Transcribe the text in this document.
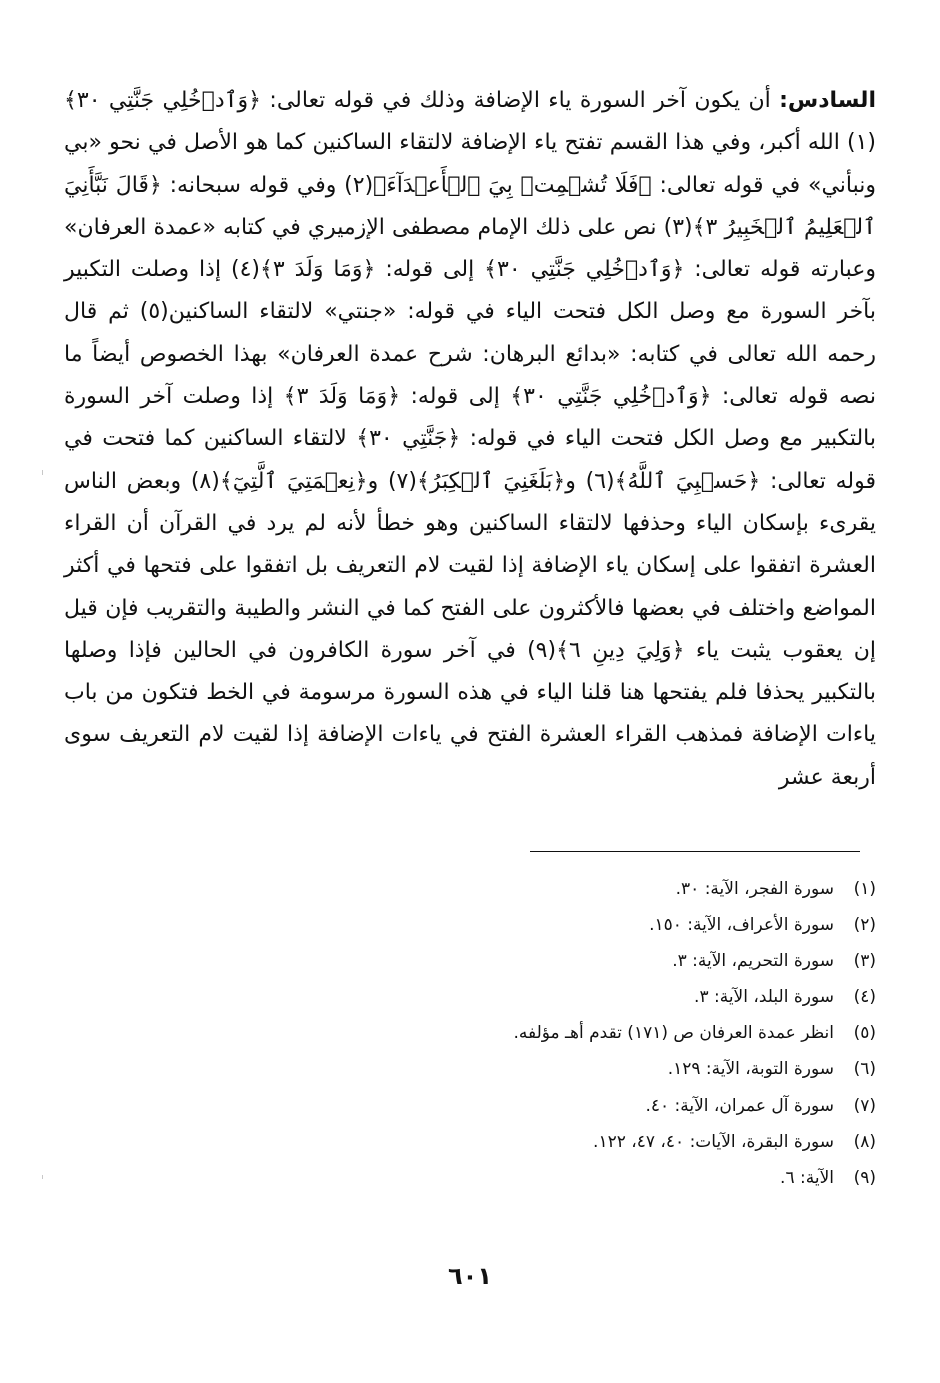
السادس: أن يكون آخر السورة ياء الإضافة وذلك في قوله تعالى: ﴿وَٱدۡخُلِي جَنَّتِي ٣٠﴾(١) الله أكبر، وفي هذا القسم تفتح ياء الإضافة لالتقاء الساكنين كما هو الأصل في نحو «بي ونبأني» في قوله تعالى: ﴿فَلَا تُشۡمِتۡ بِيَ ٱلۡأَعۡدَآءَ﴾(٢) وفي قوله سبحانه: ﴿قَالَ نَبَّأَنِيَ ٱلۡعَلِيمُ ٱلۡخَبِيرُ ٣﴾(٣) نص على ذلك الإمام مصطفى الإزميري في كتابه «عمدة العرفان» وعبارته قوله تعالى: ﴿وَٱدۡخُلِي جَنَّتِي ٣٠﴾ إلى قوله: ﴿وَمَا وَلَدَ ٣﴾(٤) إذا وصلت التكبير بآخر السورة مع وصل الكل فتحت الياء في قوله: «جنتي» لالتقاء الساكنين(٥) ثم قال رحمه الله تعالى في كتابه: «بدائع البرهان: شرح عمدة العرفان» بهذا الخصوص أيضاً ما نصه قوله تعالى: ﴿وَٱدۡخُلِي جَنَّتِي ٣٠﴾ إلى قوله: ﴿وَمَا وَلَدَ ٣﴾ إذا وصلت آخر السورة بالتكبير مع وصل الكل فتحت الياء في قوله: ﴿جَنَّتِي ٣٠﴾ لالتقاء الساكنين كما فتحت في قوله تعالى: ﴿حَسۡبِيَ ٱللَّهُ﴾(٦) و﴿بَلَغَنِيَ ٱلۡكِبَرُ﴾(٧) و﴿نِعۡمَتِيَ ٱلَّتِيٓ﴾(٨) وبعض الناس يقرىء بإسكان الياء وحذفها لالتقاء الساكنين وهو خطأ لأنه لم يرد في القرآن أن القراء العشرة اتفقوا على إسكان ياء الإضافة إذا لقيت لام التعريف بل اتفقوا على فتحها في أكثر المواضع واختلف في بعضها فالأكثرون على الفتح كما في النشر والطيبة والتقريب فإن قيل إن يعقوب يثبت ياء ﴿وَلِيَ دِينِ ٦﴾(٩) في آخر سورة الكافرون في الحالين فإذا وصلها بالتكبير يحذفا فلم يفتحها هنا قلنا الياء في هذه السورة مرسومة في الخط فتكون من باب ياءات الإضافة فمذهب القراء العشرة الفتح في ياءات الإضافة إذا لقيت لام التعريف سوى أربعة عشر

(١)
سورة الفجر، الآية: ٣٠.
(٢)
سورة الأعراف، الآية: ١٥٠.
(٣)
سورة التحريم، الآية: ٣.
(٤)
سورة البلد، الآية: ٣.
(٥)
انظر عمدة العرفان ص (١٧١) تقدم أهـ مؤلفه.
(٦)
سورة التوبة، الآية: ١٢٩.
(٧)
سورة آل عمران، الآية: ٤٠.
(٨)
سورة البقرة، الآيات: ٤٠، ٤٧، ١٢٢.
(٩)
الآية: ٦.
٦٠١
